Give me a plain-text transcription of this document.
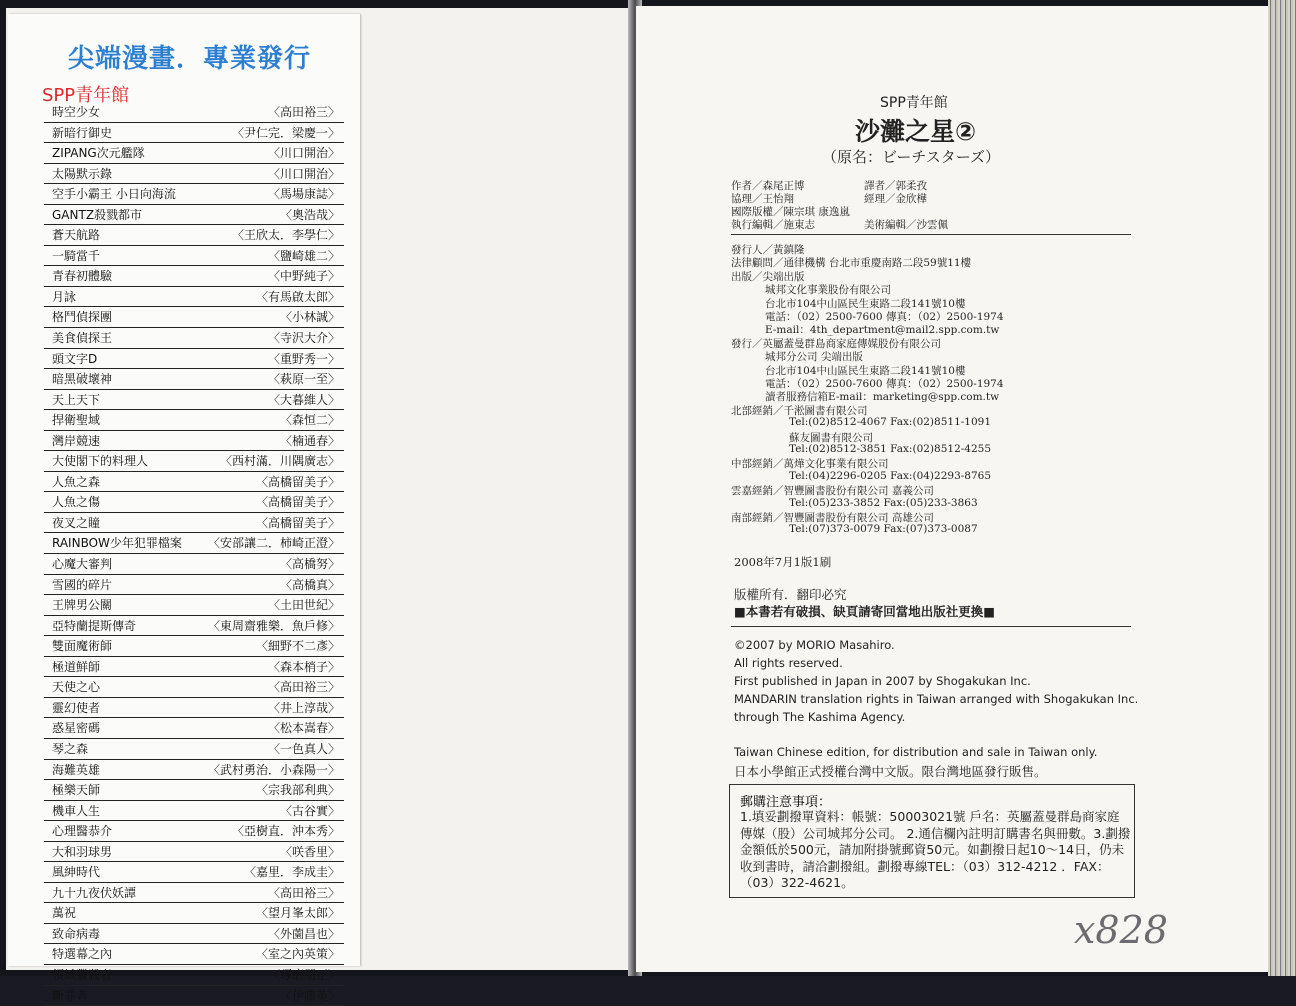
尖端漫畫．專業發行
SPP青年館
時空少女	〈高田裕三〉
新暗行御史	〈尹仁完．梁慶一〉
ZIPANG次元艦隊	〈川口開治〉
太陽默示錄	〈川口開治〉
空手小霸王 小日向海流	〈馬場康誌〉
GANTZ殺戮都市	〈奧浩哉〉
蒼天航路	〈王欣太．李學仁〉
一騎當千	〈鹽崎雄二〉
青春初體驗	〈中野純子〉
月詠	〈有馬啟太郎〉
格鬥偵探團	〈小林誠〉
美食偵探王	〈寺沢大介〉
頭文字D	〈重野秀一〉
暗黑破壞神	〈萩原一至〉
天上天下	〈大暮維人〉
捍衛聖域	〈森恒二〉
灣岸競速	〈楠通春〉
大使閣下的料理人	〈西村滿．川隅廣志〉
人魚之森	〈高橋留美子〉
人魚之傷	〈高橋留美子〉
夜叉之瞳	〈高橋留美子〉
RAINBOW少年犯罪檔案 〈安部讓二．柿崎正澄〉
心魔大審判	〈高橋努〉
雪國的碎片	〈高橋真〉
王牌男公關	〈土田世紀〉
亞特蘭提斯傳奇	〈東周齋雅樂．魚戶修〉
雙面魔術師	〈細野不二彥〉
極道鮮師	〈森本梢子〉
天使之心	〈高田裕三〉
靈幻使者	〈井上淳哉〉
惑星密碼	〈松本嵩春〉
琴之森	〈一色真人〉
海難英雄	〈武村勇治．小森陽一〉
極樂天師	〈宗我部利典〉
機車人生	〈古谷實〉
心理醫恭介	〈亞樹直．沖本秀〉
大和羽球男	〈咲香里〉
風紳時代	〈嘉里．李成圭〉
九十九夜伏妖譚	〈高田裕三〉
萬祝	〈望月峯太郎〉
致命病毒	〈外薗昌也〉
特選幕之內	〈室之內英策〉
領域獵殺者	〈琢磨朋正〉
斷罪者	〈伊藤英〉
SPP青年館
沙灘之星②
（原名：ビーチスターズ）
作者／森尾正博	譯者／郭柔孜
協理／王怡翔	經理／金欣樺
國際版權／陳宗琪 康逸嵐
執行編輯／施東志	美術編輯／沙雲佩
發行人／黃鎮隆
法律顧問／通律機構 台北市重慶南路二段59號11樓
出版／尖端出版
城邦文化事業股份有限公司
台北市104中山區民生東路二段141號10樓
電話：（02）2500-7600 傳真：（02）2500-1974
E-mail：4th_department@mail2.spp.com.tw
發行／英屬蓋曼群島商家庭傳媒股份有限公司
城邦分公司 尖端出版
台北市104中山區民生東路二段141號10樓
電話：（02）2500-7600 傳真：（02）2500-1974
讀者服務信箱E-mail：marketing@spp.com.tw
北部經銷／千淞圖書有限公司
Tel:(02)8512-4067 Fax:(02)8511-1091
蘇友圖書有限公司
Tel:(02)8512-3851 Fax:(02)8512-4255
中部經銷／萬燁文化事業有限公司
Tel:(04)2296-0205 Fax:(04)2293-8765
雲嘉經銷／智豐圖書股份有限公司 嘉義公司
Tel:(05)233-3852 Fax:(05)233-3863
南部經銷／智豐圖書股份有限公司 高雄公司
Tel:(07)373-0079 Fax:(07)373-0087
2008年7月1版1刷
版權所有．翻印必究
■本書若有破損、缺頁請寄回當地出版社更換■
©2007 by MORIO Masahiro.
All rights reserved.
First published in Japan in 2007 by Shogakukan Inc.
MANDARIN translation rights in Taiwan arranged with Shogakukan Inc.
through The Kashima Agency.
Taiwan Chinese edition, for distribution and sale in Taiwan only.
日本小學館正式授權台灣中文版。限台灣地區發行販售。
郵購注意事項：
1.填妥劃撥單資料：帳號：50003021號 戶名：英屬蓋曼群島商家庭傳媒（股）公司城邦分公司。 2.通信欄內註明訂購書名與冊數。3.劃撥金額低於500元，請加附掛號郵資50元。如劃撥日起10～14日，仍未收到書時，請洽劃撥組。劃撥專線TEL：（03）312-4212 ．FAX：（03）322-4621。
x828
